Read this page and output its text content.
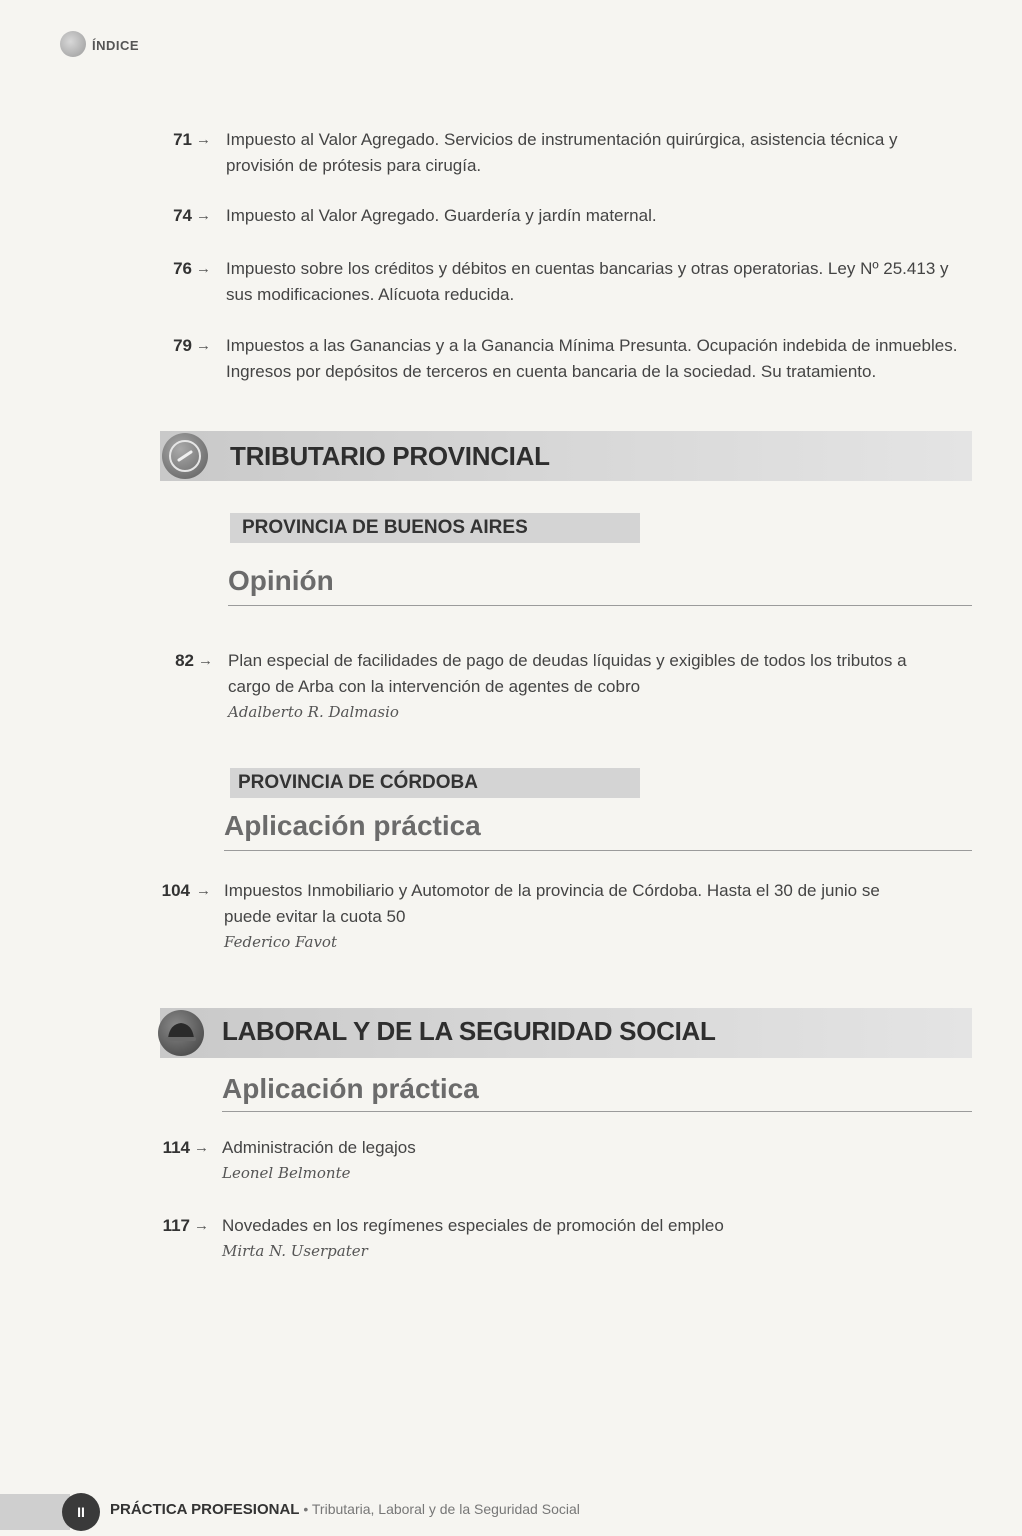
ÍNDICE
71 → Impuesto al Valor Agregado. Servicios de instrumentación quirúrgica, asistencia técnica y provisión de prótesis para cirugía.
74 → Impuesto al Valor Agregado. Guardería y jardín maternal.
76 → Impuesto sobre los créditos y débitos en cuentas bancarias y otras operatorias. Ley Nº 25.413 y sus modificaciones. Alícuota reducida.
79 → Impuestos a las Ganancias y a la Ganancia Mínima Presunta. Ocupación indebida de inmuebles. Ingresos por depósitos de terceros en cuenta bancaria de la sociedad. Su tratamiento.
TRIBUTARIO PROVINCIAL
PROVINCIA DE BUENOS AIRES
Opinión
82 → Plan especial de facilidades de pago de deudas líquidas y exigibles de todos los tributos a cargo de Arba con la intervención de agentes de cobro
Adalberto R. Dalmasio
PROVINCIA DE CÓRDOBA
Aplicación práctica
104 → Impuestos Inmobiliario y Automotor de la provincia de Córdoba. Hasta el 30 de junio se puede evitar la cuota 50
Federico Favot
LABORAL Y DE LA SEGURIDAD SOCIAL
Aplicación práctica
114 → Administración de legajos
Leonel Belmonte
117 → Novedades en los regímenes especiales de promoción del empleo
Mirta N. Userpater
II	PRÁCTICA PROFESIONAL • Tributaria, Laboral y de la Seguridad Social
